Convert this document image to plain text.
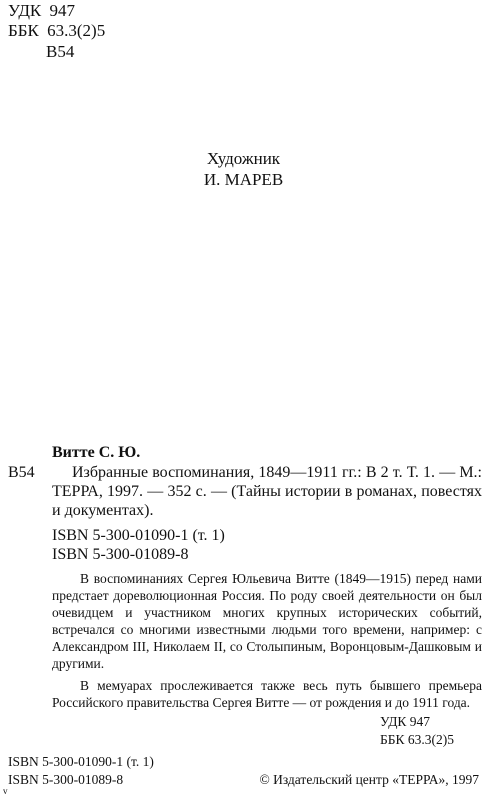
УДК 947
ББК 63.3(2)5
В54
Художник
И. МАРЕВ
Витте С. Ю.
В54	Избранные воспоминания, 1849—1911 гг.: В 2 т. Т. 1. — М.: ТЕРРА, 1997. — 352 с. — (Тайны истории в романах, повестях и документах).
ISBN 5-300-01090-1 (т. 1)
ISBN 5-300-01089-8

В воспоминаниях Сергея Юльевича Витте (1849—1915) перед нами предстает дореволюционная Россия. По роду своей деятельности он был очевидцем и участником многих крупных исторических событий, встречался со многими известными людьми того времени, например: с Александром III, Николаем II, со Столыпиным, Воронцовым-Дашковым и другими.

В мемуарах прослеживается также весь путь бывшего премьера Российского правительства Сергея Витте — от рождения и до 1911 года.

УДК 947
ББК 63.3(2)5
ISBN 5-300-01090-1 (т. 1)
ISBN 5-300-01089-8	© Издательский центр «ТЕРРА», 1997
v
